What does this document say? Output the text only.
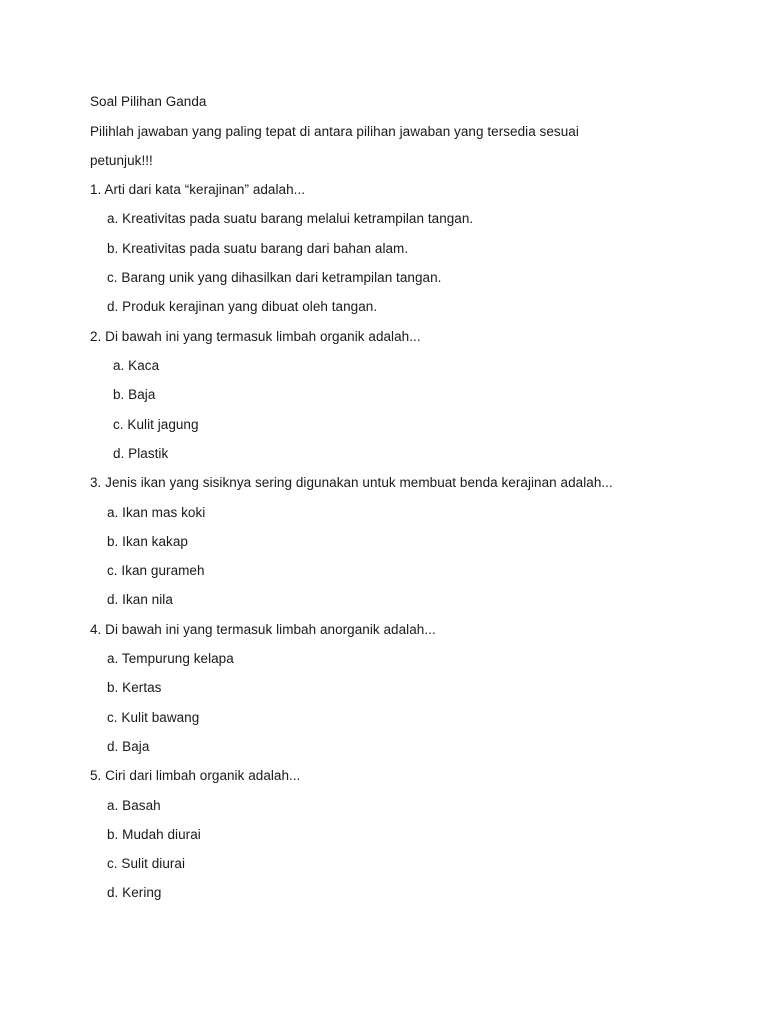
Soal Pilihan Ganda
Pilihlah jawaban yang paling tepat di antara pilihan jawaban yang tersedia sesuai
petunjuk!!!
1. Arti dari kata “kerajinan” adalah...
a. Kreativitas pada suatu barang melalui ketrampilan tangan.
b. Kreativitas pada suatu barang dari bahan alam.
c. Barang unik yang dihasilkan dari ketrampilan tangan.
d. Produk kerajinan yang dibuat oleh tangan.
2. Di bawah ini yang termasuk limbah organik adalah...
a. Kaca
b. Baja
c. Kulit jagung
d. Plastik
3. Jenis ikan yang sisiknya sering digunakan untuk membuat benda kerajinan adalah...
a. Ikan mas koki
b. Ikan kakap
c. Ikan gurameh
d. Ikan nila
4. Di bawah ini yang termasuk limbah anorganik adalah...
a. Tempurung kelapa
b. Kertas
c. Kulit bawang
d. Baja
5. Ciri dari limbah organik adalah...
a. Basah
b. Mudah diurai
c. Sulit diurai
d. Kering
